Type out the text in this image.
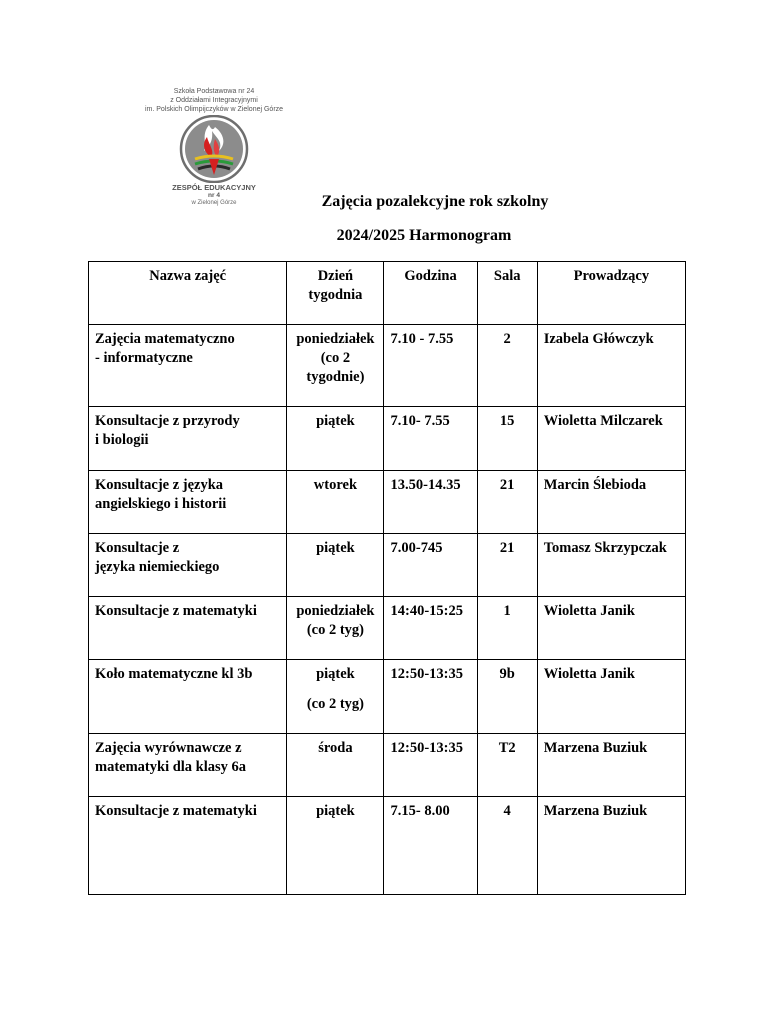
Szkoła Podstawowa nr 24
z Oddziałami Integracyjnymi
im. Polskich Olimpijczyków w Zielonej Górze
ZESPÓŁ EDUKACYJNY
nr 4
w Zielonej Górze	Zajęcia pozalekcyjne rok szkolny
2024/2025 Harmonogram
Nazwa zajęć	Dzień
tygodnia	Godzina	Sala	Prowadzący
Zajęcia matematyczno
- informatyczne	poniedziałek
(co 2
tygodnie)	7.10 - 7.55	2	Izabela Główczyk
Konsultacje z przyrody
i biologii	piątek	7.10- 7.55	15	Wioletta Milczarek
Konsultacje z języka
angielskiego i historii	wtorek	13.50-14.35	21	Marcin Ślebioda
Konsultacje z
języka niemieckiego	piątek	7.00-745	21	Tomasz Skrzypczak
Konsultacje z matematyki	poniedziałek
(co 2 tyg)	14:40-15:25	1	Wioletta Janik
Koło matematyczne kl 3b	piątek
(co 2 tyg)	12:50-13:35	9b	Wioletta Janik
Zajęcia wyrównawcze z
matematyki dla klasy 6a	środa	12:50-13:35	T2	Marzena Buziuk
Konsultacje z matematyki	piątek	7.15- 8.00	4	Marzena Buziuk
